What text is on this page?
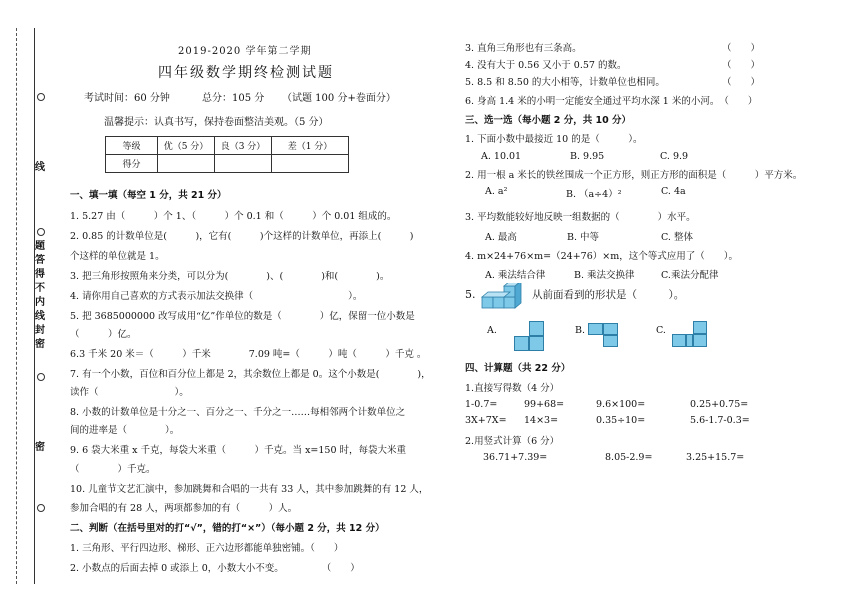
线
题
答
得
不
内
线
封
密
密
2019-2020 学年第二学期
四年级数学期终检测试题
考试时间：60 分钟	总分：105 分 （试题 100 分+卷面分）
温馨提示：认真书写，保持卷面整洁美观。（5 分）
等级	优（5 分）	良（3 分）	差（1 分）
得分			
一、填一填（每空 1 分，共 21 分）
1. 5.27 由（　　　）个 1、（　　　）个 0.1 和（　　　）个 0.01 组成的。
2. 0.85 的计数单位是(　　　)，它有(　　　)个这样的计数单位，再添上(　　　)
个这样的单位就是 1。
3. 把三角形按照角来分类，可以分为(　　　　)、(　　　　)和(　　　　)。
4. 请你用自己喜欢的方式表示加法交换律（　　　　　　　　　　）。
5. 把 3685000000 改写成用“亿”作单位的数是（　　　　）亿，保留一位小数是
（　　　）亿。
6.3 千米 20 米＝（　　　）千米　　　　7.09 吨=（　　　）吨（　　　）千克 。
7. 有一个小数，百位和百分位上都是 2，其余数位上都是 0。这个小数是(　　　　)，
读作（　　　　　　　　）。
8. 小数的计数单位是十分之一、百分之一、千分之一……每相邻两个计数单位之
间的进率是（　　　　）。
9. 6 袋大米重 x 千克，每袋大米重（　　　）千克。当 x=150 时，每袋大米重
（　　　　）千克。
10. 儿童节文艺汇演中，参加跳舞和合唱的一共有 33 人，其中参加跳舞的有 12 人，
参加合唱的有 28 人，两项都参加的有（　　　）人。
二、判断（在括号里对的打“√”，错的打“×”）（每小题 2 分，共 12 分）
1. 三角形、平行四边形、梯形、正六边形都能单独密铺。（　　）
2. 小数点的后面去掉 0 或添上 0，小数大小不变。　　　　　（　　）
3. 直角三角形也有三条高。	（　　）
4. 没有大于 0.56 又小于 0.57 的数。	（　　）
5. 8.5 和 8.50 的大小相等，计数单位也相同。	（　　）
6. 身高 1.4 米的小明一定能安全通过平均水深 1 米的小河。　（　　）
三、选一选（每小题 2 分，共 10 分）
1. 下面小数中最接近 10 的是（　　　）。
A. 10.01	B. 9.95	C. 9.9
2. 用一根 a 米长的铁丝围成一个正方形，则正方形的面积是（　　　）平方米。
A. a²	B. （a÷4）²	C. 4a
3. 平均数能较好地反映一组数据的（　　　　）水平。
A. 最高	B. 中等	C. 整体
4. m×24+76×m=（24+76）×m，这个等式应用了（　　）。
A. 乘法结合律	B. 乘法交换律	C.乘法分配律
5.	从前面看到的形状是（　　　）。
A.	B.	C.
四、计算题（共 22 分）
1.直接写得数（4 分）
1-0.7=	99+68=	9.6×100=	0.25+0.75=
3X+7X= 14×3=	0.35÷10=	5.6-1.7-0.3=
2.用竖式计算（6 分）
36.71+7.39=	8.05-2.9=	3.25+15.7=
